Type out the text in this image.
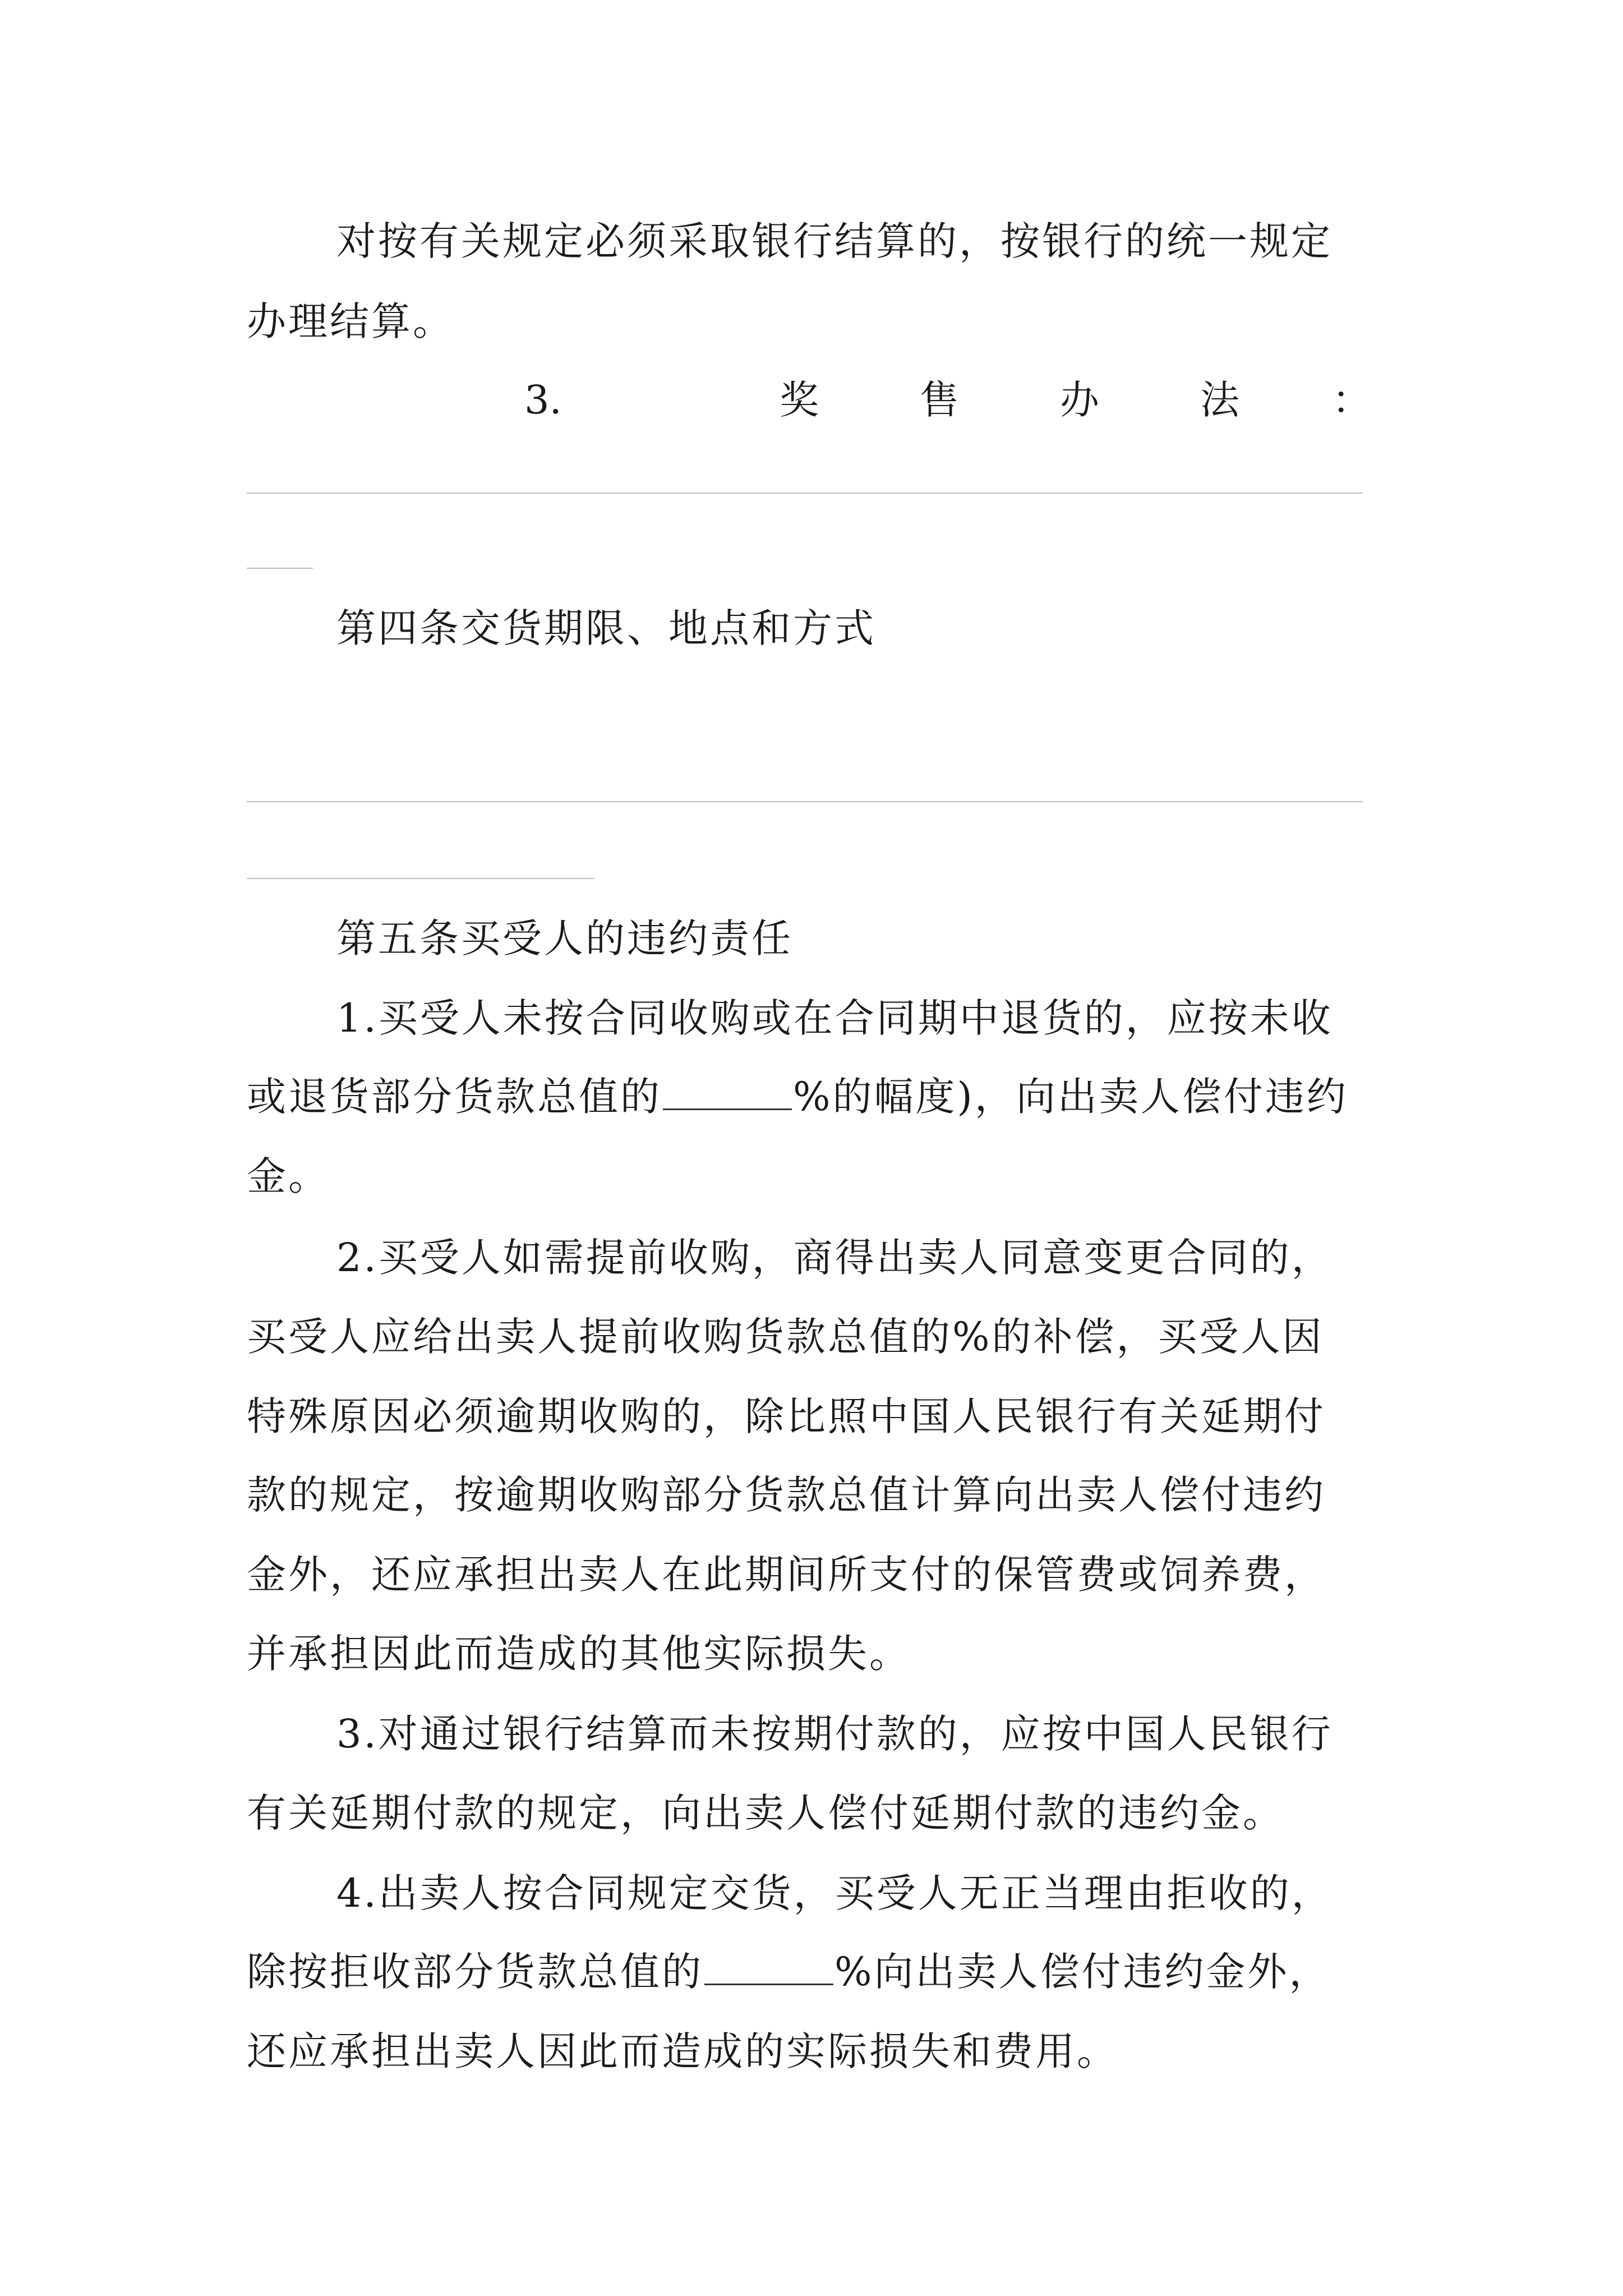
对按有关规定必须采取银行结算的，按银行的统一规定
办理结算。
3.	奖	售	办	法 ：
第四条交货期限、地点和方式
第五条买受人的违约责任
1.买受人未按合同收购或在合同期中退货的，应按未收
或退货部分货款总值的	%的幅度)，向出卖人偿付违约
金。
2.买受人如需提前收购，商得出卖人同意变更合同的，
买受人应给出卖人提前收购货款总值的%的补偿，买受人因
特殊原因必须逾期收购的，除比照中国人民银行有关延期付
款的规定，按逾期收购部分货款总值计算向出卖人偿付违约
金外，还应承担出卖人在此期间所支付的保管费或饲养费，
并承担因此而造成的其他实际损失。
3.对通过银行结算而未按期付款的，应按中国人民银行
有关延期付款的规定，向出卖人偿付延期付款的违约金。
4.出卖人按合同规定交货，买受人无正当理由拒收的，
除按拒收部分货款总值的	%向出卖人偿付违约金外，
还应承担出卖人因此而造成的实际损失和费用。
